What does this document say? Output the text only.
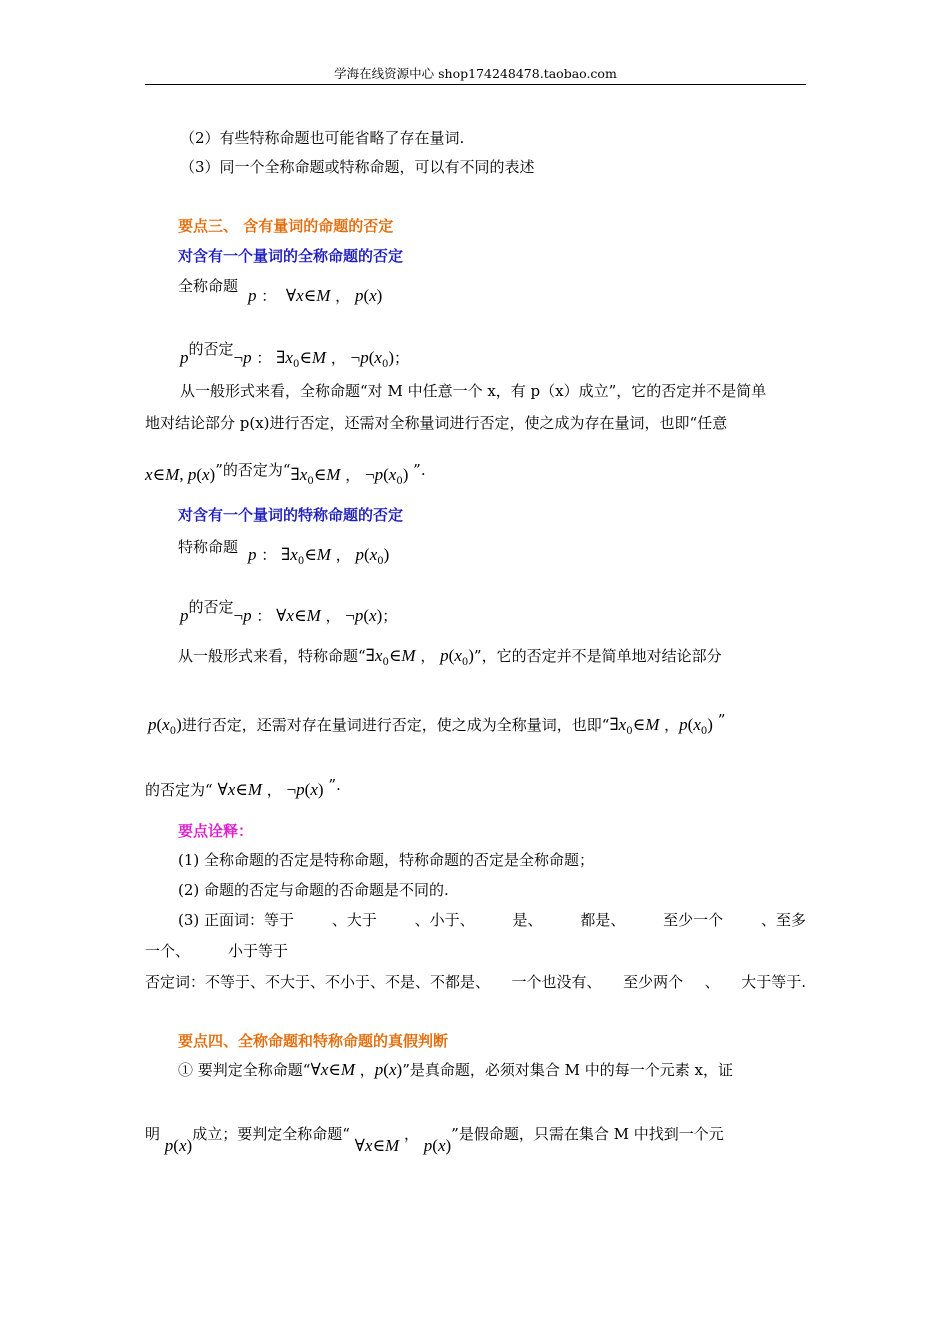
学海在线资源中心 shop174248478.taobao.com
（2）有些特称命题也可能省略了存在量词.
（3）同一个全称命题或特称命题，可以有不同的表述
要点三、 含有量词的命题的否定
对含有一个量词的全称命题的否定
全称命题 p ：  ∀x∈M ， p(x)
p的否定¬p ： $\exists x_0\in M$ ， $\neg p(x_0)$；
从一般形式来看，全称命题“对 M 中任意一个 x，有 p（x）成立”，它的否定并不是简单
地对结论部分 p(x)进行否定，还需对全称量词进行否定，使之成为存在量词，也即“任意
x∈M, p(x)”的否定为“$\exists x_0\in M$ ， $\neg p(x_0)$ ”.
对含有一个量词的特称命题的否定
特称命题 p ： $\exists x_0\in M$ ， $p(x_0)$
p的否定¬p ： ∀x∈M ， ¬p(x)；
从一般形式来看，特称命题“$\exists x_0\in M$ ， $p(x_0)$”，它的否定并不是简单地对结论部分
$p(x_0)$进行否定，还需对存在量词进行否定，使之成为全称量词，也即“$\exists x_0\in M$ ，$p(x_0)$ ”
的否定为“ ∀x∈M ， ¬p(x) ”.
要点诠释：
(1) 全称命题的否定是特称命题，特称命题的否定是全称命题；
(2) 命题的否定与命题的否命题是不同的.
(3) 正面词：等于	、大于	、小于、	是、	都是、	至少一个	、至多
一个、	小于等于
否定词：不等于、不大于、不小于、不是、不都是、 一个也没有、 至少两个 、 大于等于.
要点四、全称命题和特称命题的真假判断
① 要判定全称命题“∀x∈M ，p(x)”是真命题，必须对集合 M 中的每一个元素 x，证
明 p(x)成立；要判定全称命题“ ∀x∈M ， p(x)”是假命题，只需在集合 M 中找到一个元
